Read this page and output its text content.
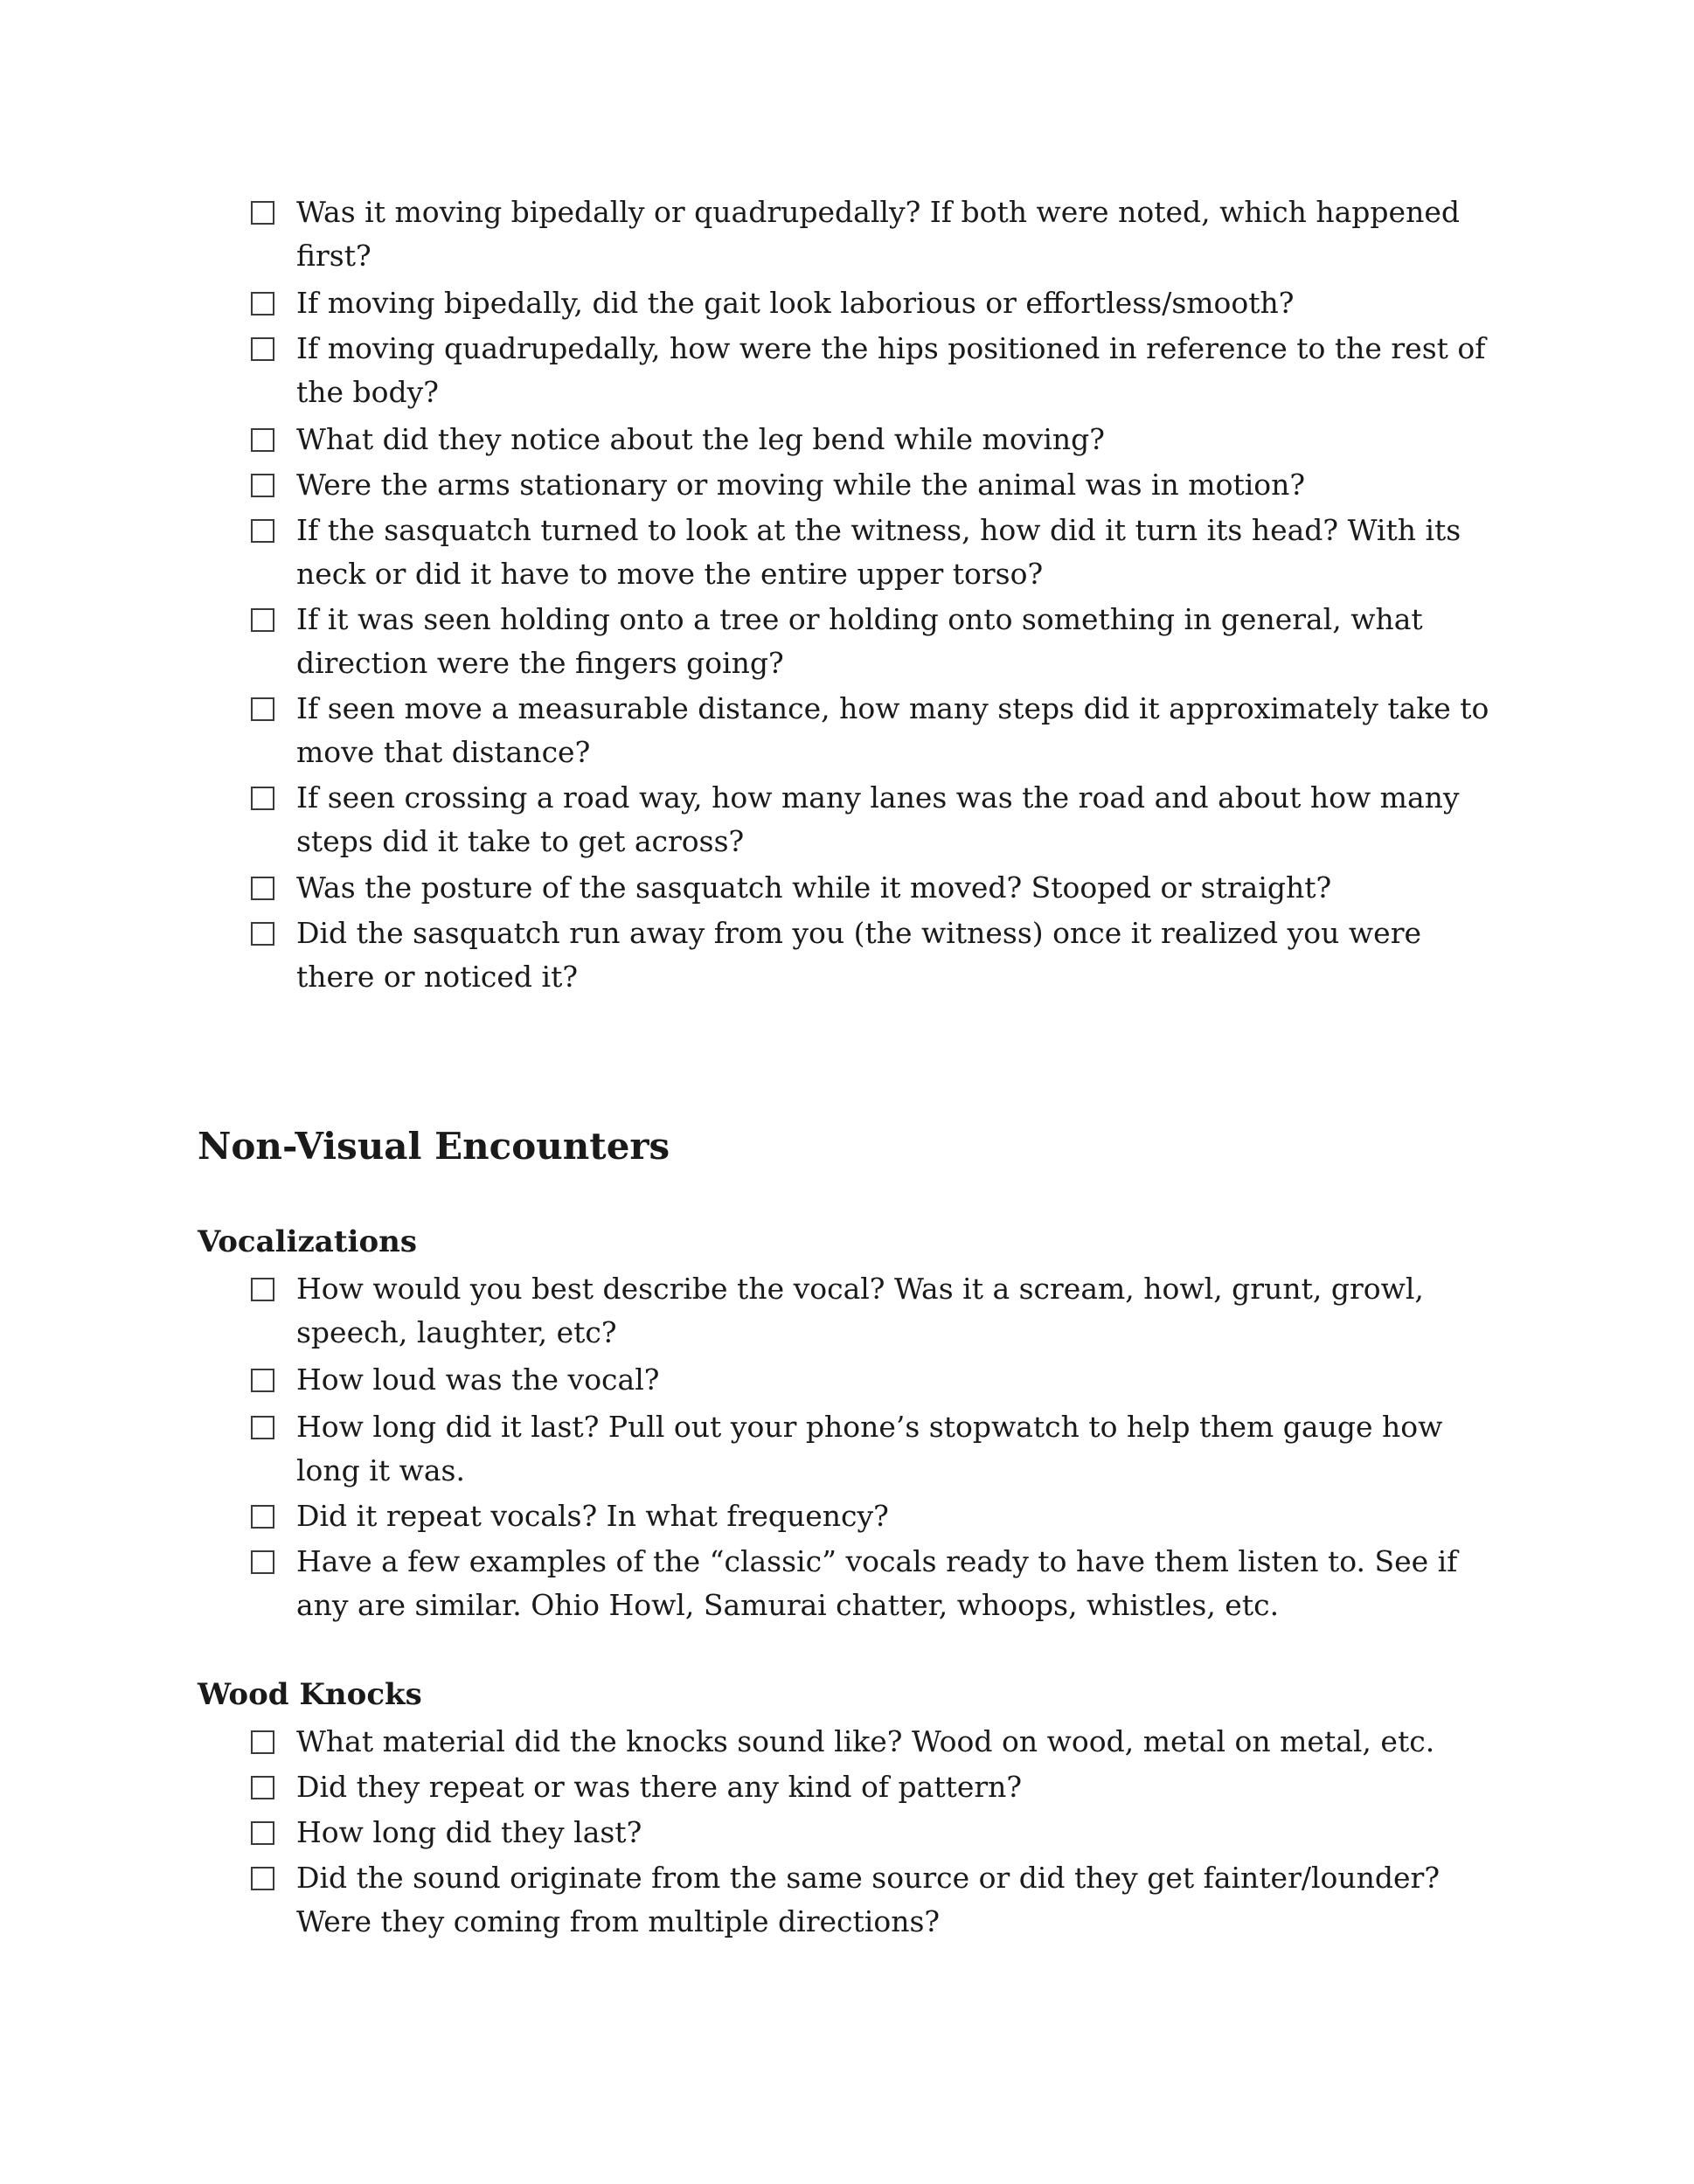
Was it moving bipedally or quadrupedally? If both were noted, which happened first?
If moving bipedally, did the gait look laborious or effortless/smooth?
If moving quadrupedally, how were the hips positioned in reference to the rest of the body?
What did they notice about the leg bend while moving?
Were the arms stationary or moving while the animal was in motion?
If the sasquatch turned to look at the witness, how did it turn its head? With its neck or did it have to move the entire upper torso?
If it was seen holding onto a tree or holding onto something in general, what direction were the fingers going?
If seen move a measurable distance, how many steps did it approximately take to move that distance?
If seen crossing a road way, how many lanes was the road and about how many steps did it take to get across?
Was the posture of the sasquatch while it moved? Stooped or straight?
Did the sasquatch run away from you (the witness) once it realized you were there or noticed it?
Non-Visual Encounters
Vocalizations
How would you best describe the vocal? Was it a scream, howl, grunt, growl, speech, laughter, etc?
How loud was the vocal?
How long did it last? Pull out your phone’s stopwatch to help them gauge how long it was.
Did it repeat vocals? In what frequency?
Have a few examples of the “classic” vocals ready to have them listen to. See if any are similar. Ohio Howl, Samurai chatter, whoops, whistles, etc.
Wood Knocks
What material did the knocks sound like? Wood on wood, metal on metal, etc.
Did they repeat or was there any kind of pattern?
How long did they last?
Did the sound originate from the same source or did they get fainter/lounder? Were they coming from multiple directions?
